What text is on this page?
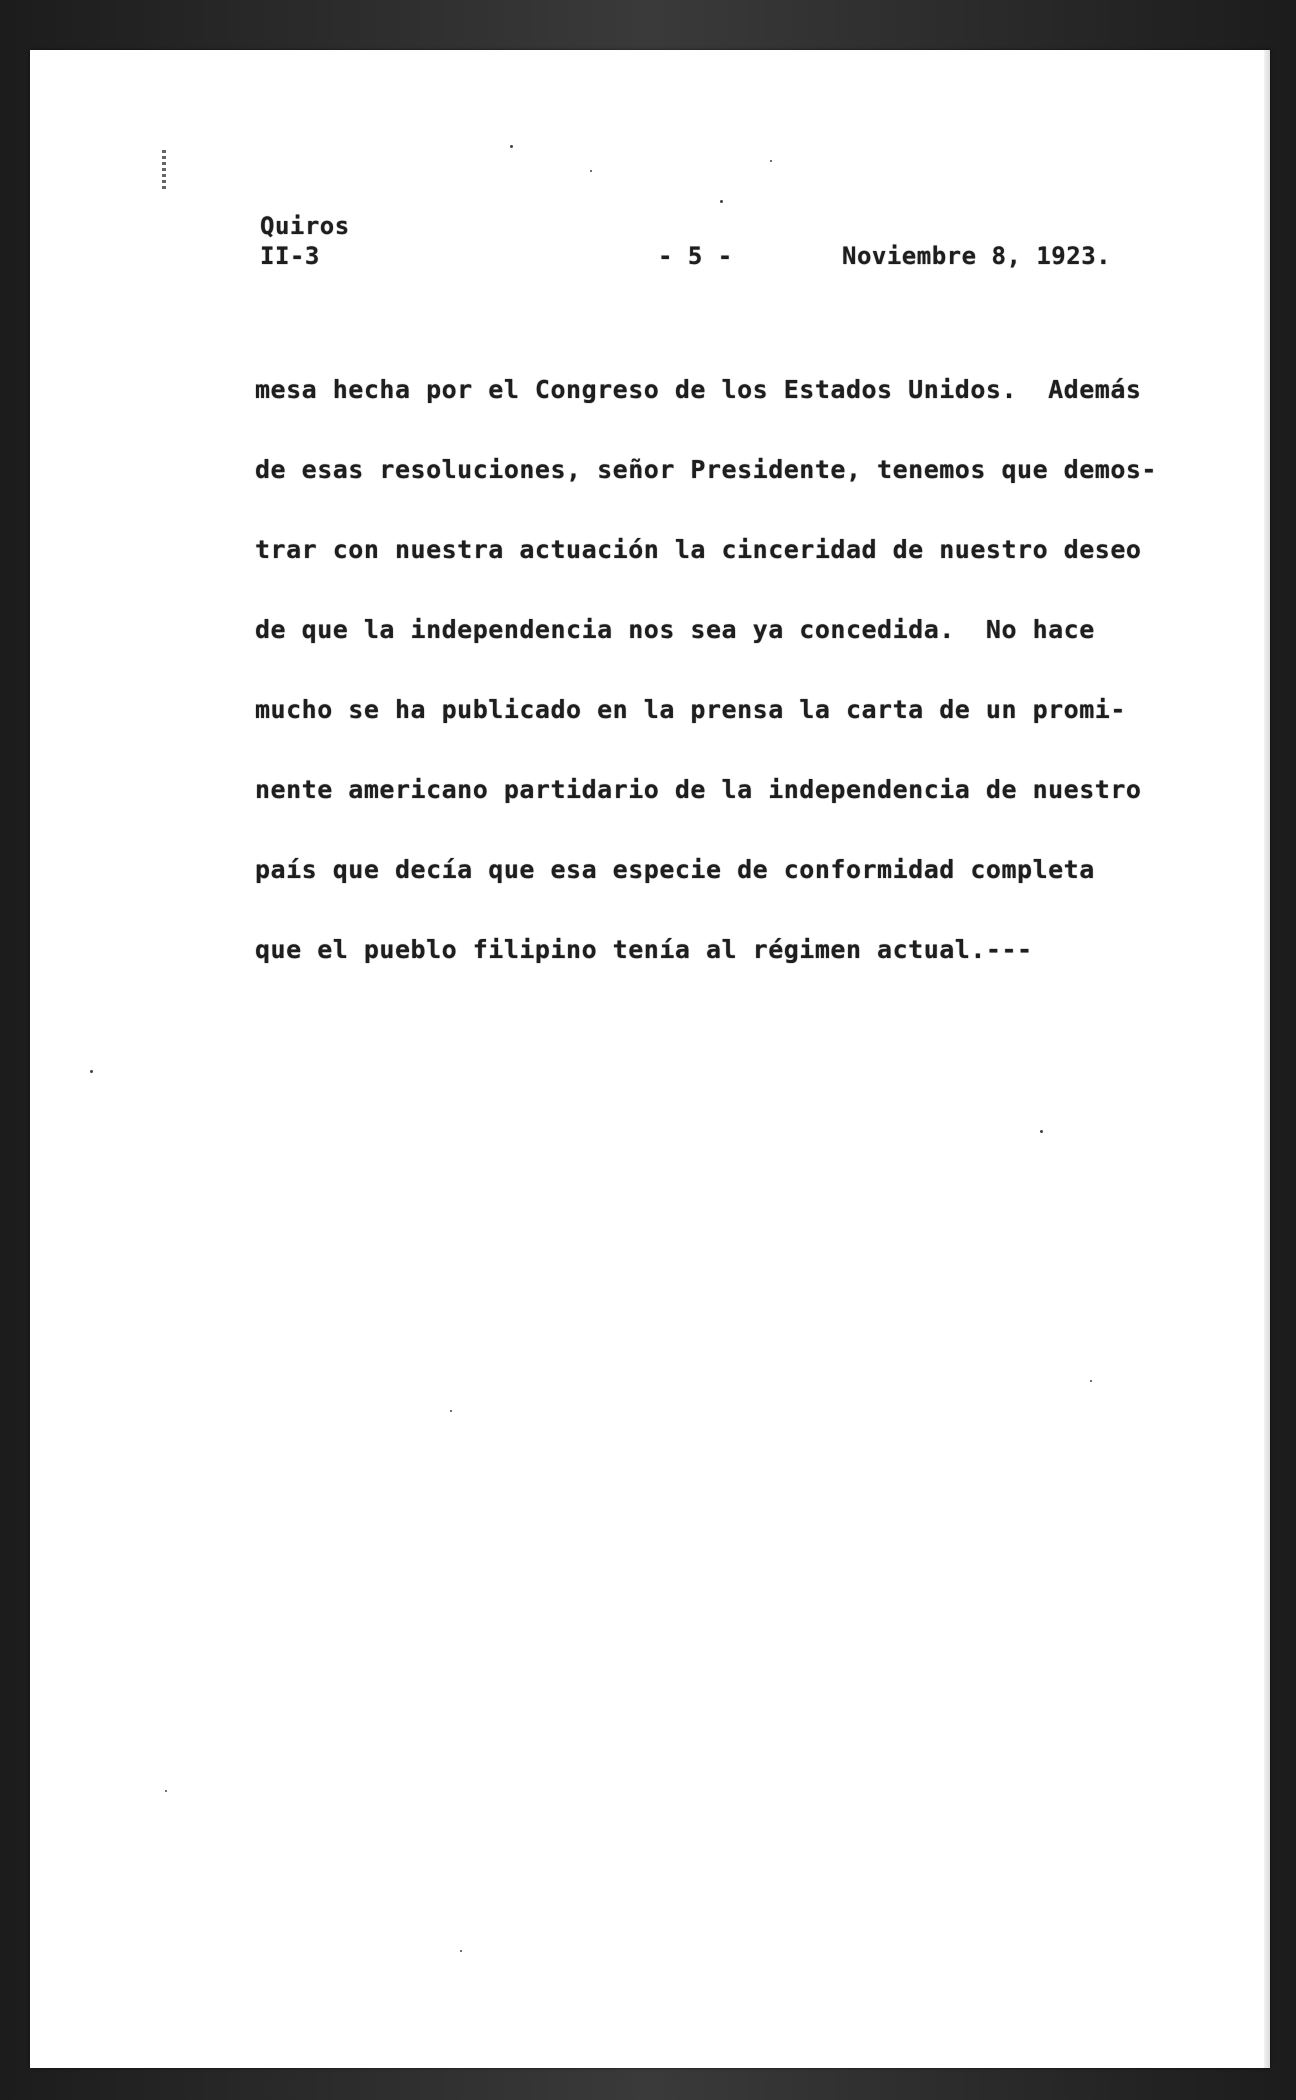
Quiros
II-3	- 5 -	Noviembre 8, 1923.
mesa hecha por el Congreso de los Estados Unidos.  Además
de esas resoluciones, señor Presidente, tenemos que demos-
trar con nuestra actuación la cinceridad de nuestro deseo
de que la independencia nos sea ya concedida.  No hace
mucho se ha publicado en la prensa la carta de un promi-
nente americano partidario de la independencia de nuestro
país que decía que esa especie de conformidad completa
que el pueblo filipino tenía al régimen actual.---
